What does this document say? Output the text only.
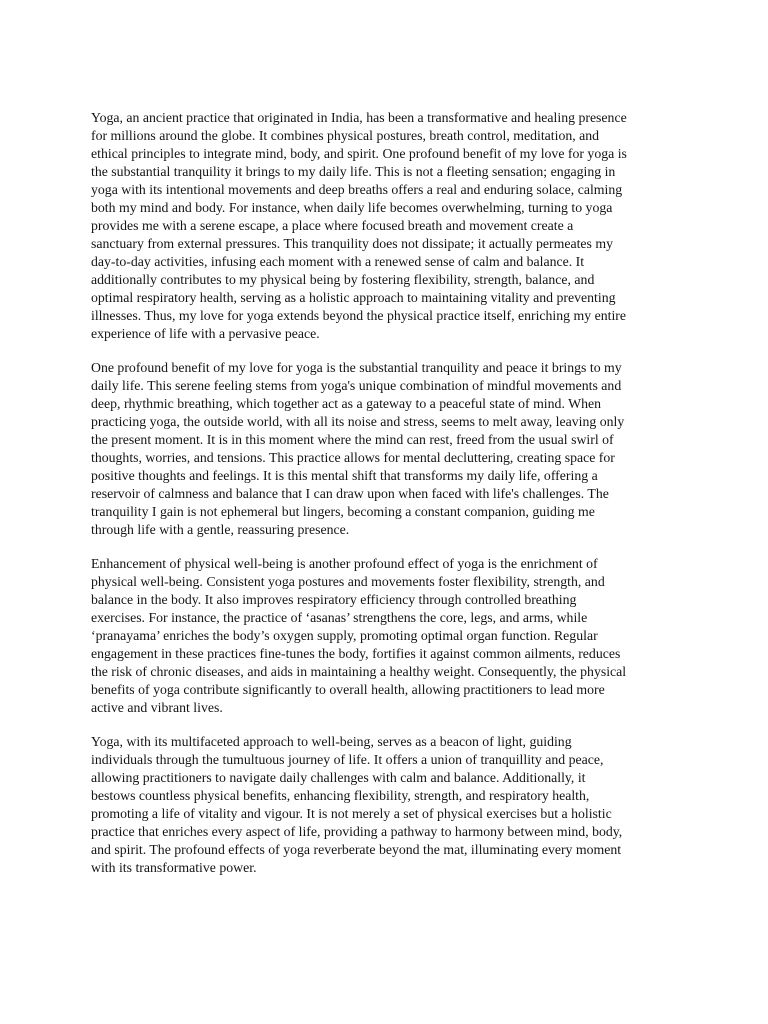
Yoga, an ancient practice that originated in India, has been a transformative and healing presence
for millions around the globe. It combines physical postures, breath control, meditation, and
ethical principles to integrate mind, body, and spirit. One profound benefit of my love for yoga is
the substantial tranquility it brings to my daily life. This is not a fleeting sensation; engaging in
yoga with its intentional movements and deep breaths offers a real and enduring solace, calming
both my mind and body. For instance, when daily life becomes overwhelming, turning to yoga
provides me with a serene escape, a place where focused breath and movement create a
sanctuary from external pressures. This tranquility does not dissipate; it actually permeates my
day-to-day activities, infusing each moment with a renewed sense of calm and balance. It
additionally contributes to my physical being by fostering flexibility, strength, balance, and
optimal respiratory health, serving as a holistic approach to maintaining vitality and preventing
illnesses. Thus, my love for yoga extends beyond the physical practice itself, enriching my entire
experience of life with a pervasive peace.
One profound benefit of my love for yoga is the substantial tranquility and peace it brings to my
daily life. This serene feeling stems from yoga's unique combination of mindful movements and
deep, rhythmic breathing, which together act as a gateway to a peaceful state of mind. When
practicing yoga, the outside world, with all its noise and stress, seems to melt away, leaving only
the present moment. It is in this moment where the mind can rest, freed from the usual swirl of
thoughts, worries, and tensions. This practice allows for mental decluttering, creating space for
positive thoughts and feelings. It is this mental shift that transforms my daily life, offering a
reservoir of calmness and balance that I can draw upon when faced with life's challenges. The
tranquility I gain is not ephemeral but lingers, becoming a constant companion, guiding me
through life with a gentle, reassuring presence.
Enhancement of physical well-being is another profound effect of yoga is the enrichment of
physical well-being. Consistent yoga postures and movements foster flexibility, strength, and
balance in the body. It also improves respiratory efficiency through controlled breathing
exercises. For instance, the practice of ‘asanas’ strengthens the core, legs, and arms, while
‘pranayama’ enriches the body’s oxygen supply, promoting optimal organ function. Regular
engagement in these practices fine-tunes the body, fortifies it against common ailments, reduces
the risk of chronic diseases, and aids in maintaining a healthy weight. Consequently, the physical
benefits of yoga contribute significantly to overall health, allowing practitioners to lead more
active and vibrant lives.
Yoga, with its multifaceted approach to well-being, serves as a beacon of light, guiding
individuals through the tumultuous journey of life. It offers a union of tranquillity and peace,
allowing practitioners to navigate daily challenges with calm and balance. Additionally, it
bestows countless physical benefits, enhancing flexibility, strength, and respiratory health,
promoting a life of vitality and vigour. It is not merely a set of physical exercises but a holistic
practice that enriches every aspect of life, providing a pathway to harmony between mind, body,
and spirit. The profound effects of yoga reverberate beyond the mat, illuminating every moment
with its transformative power.
